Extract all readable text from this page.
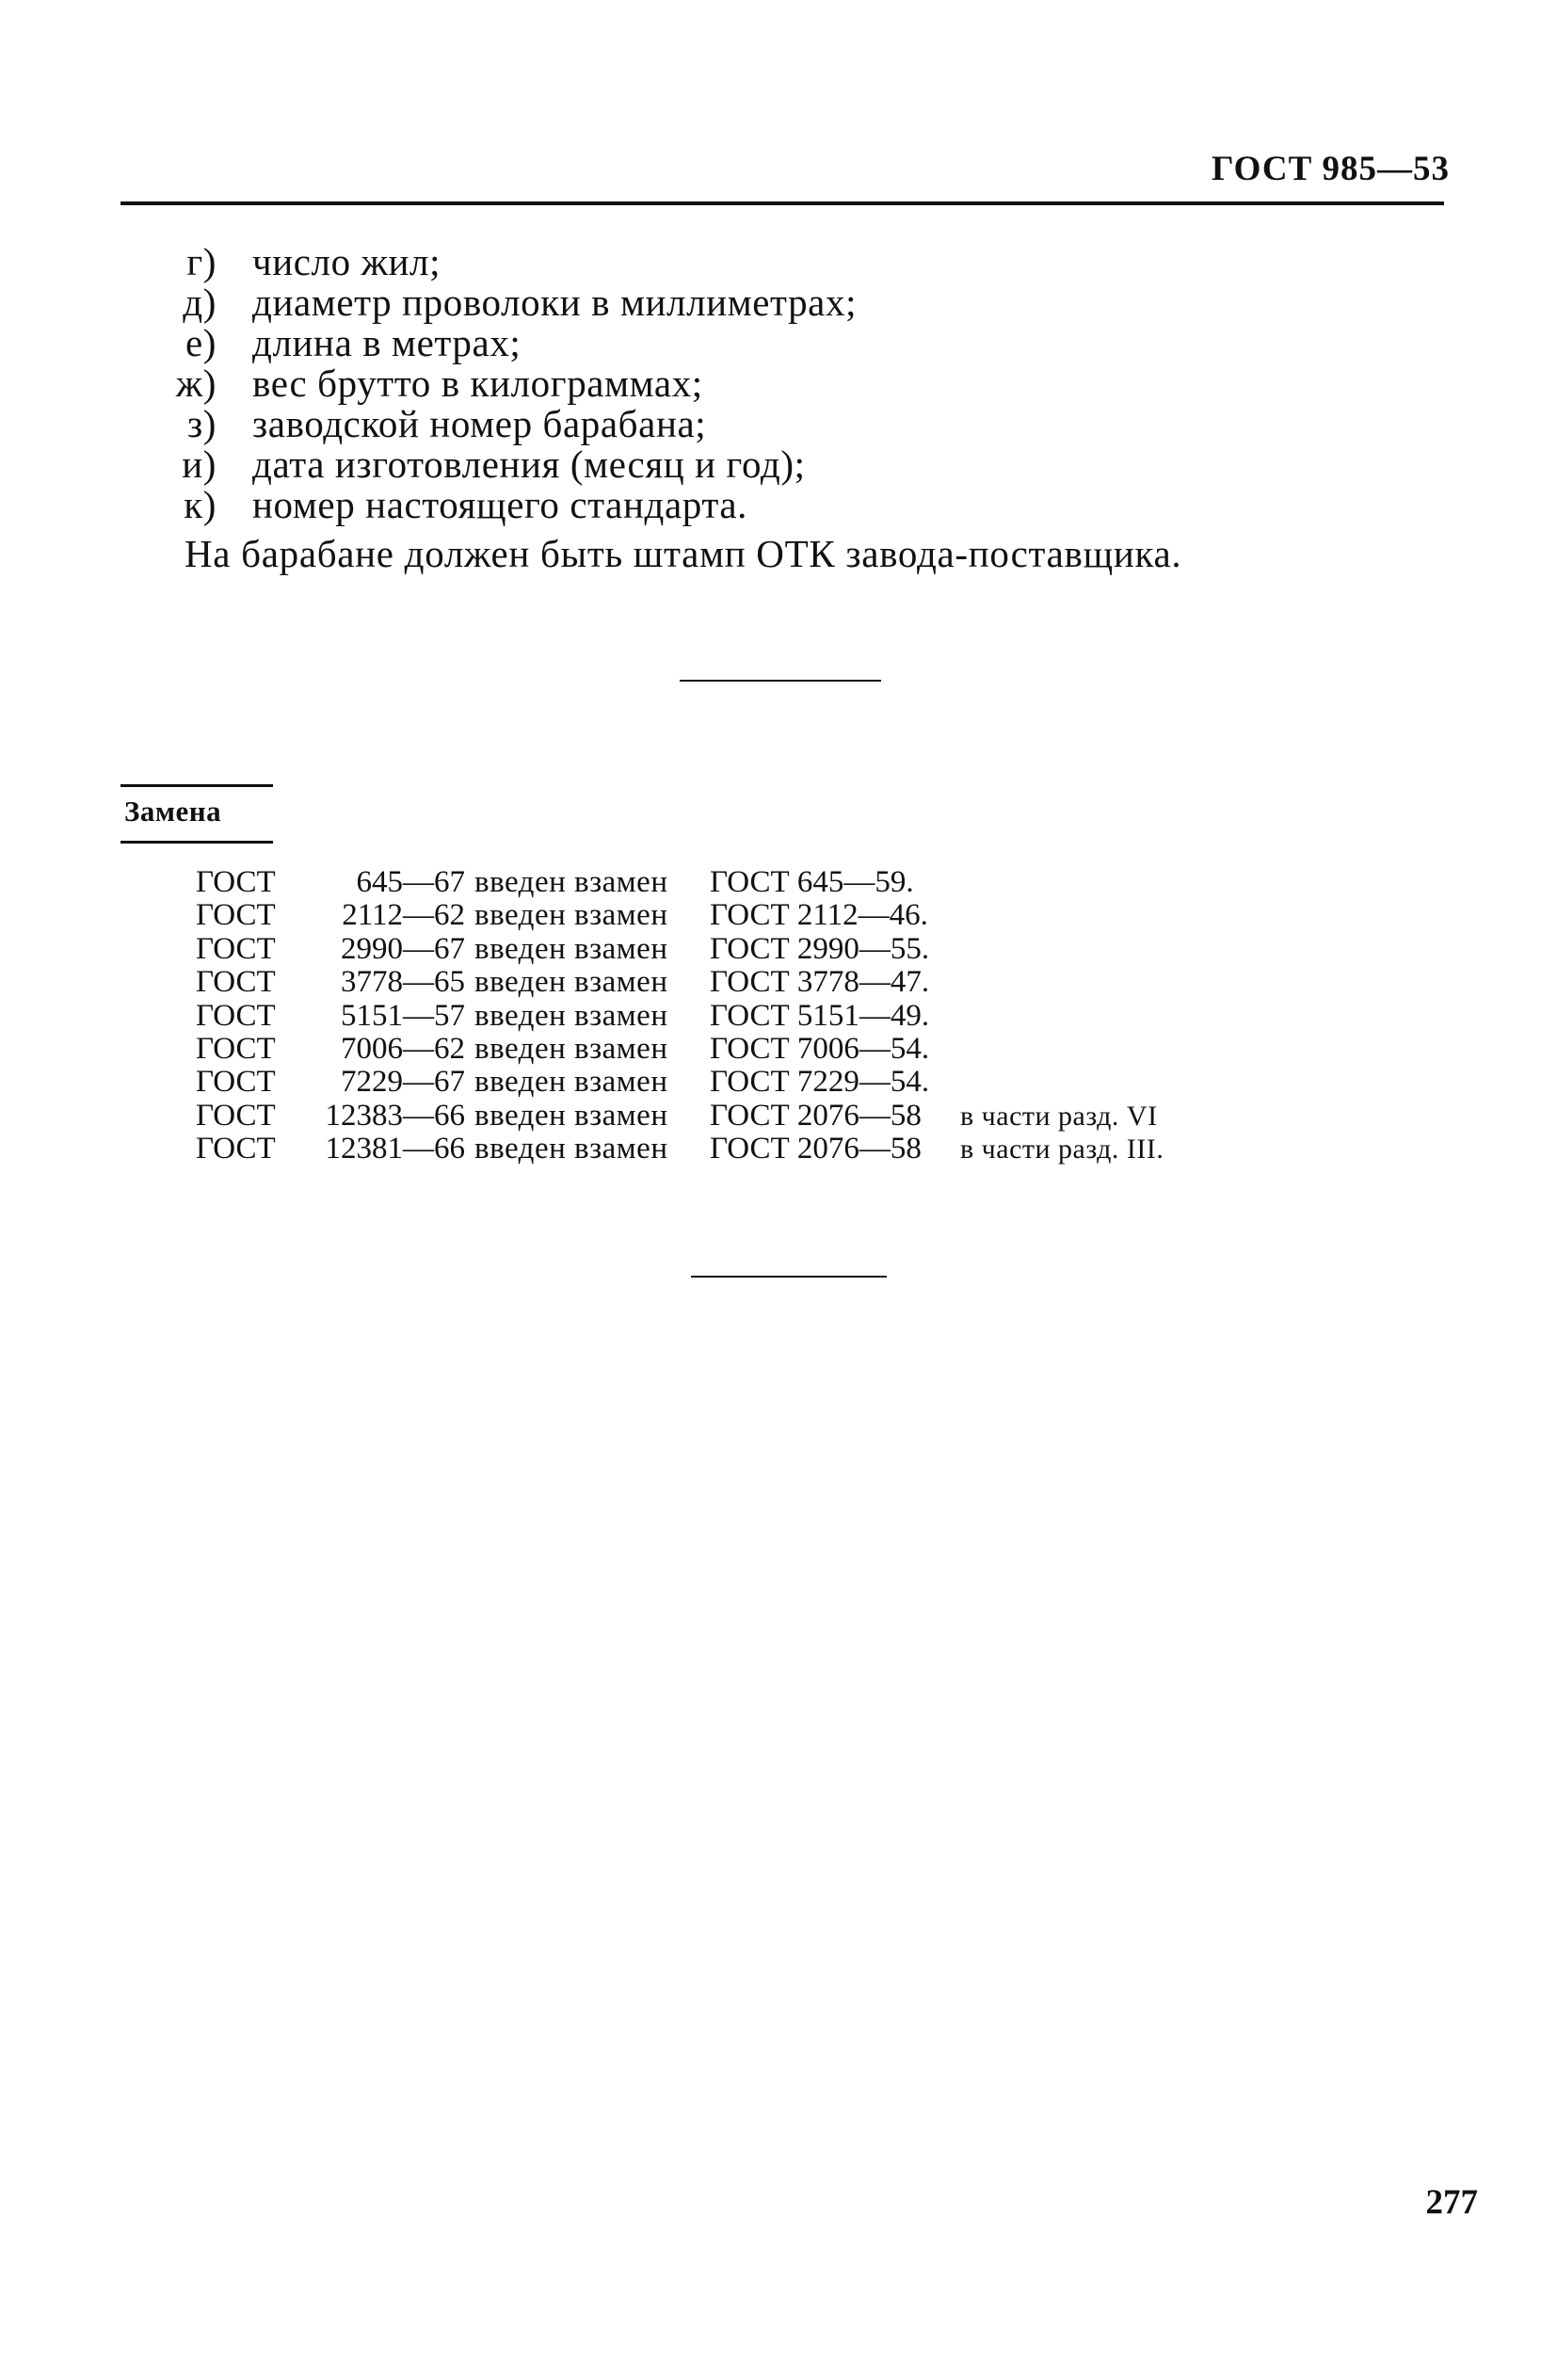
ГОСТ 985—53
г) число жил;
д) диаметр проволоки в миллиметрах;
е) длина в метрах;
ж) вес брутто в килограммах;
з) заводской номер барабана;
и) дата изготовления (месяц и год);
к) номер настоящего стандарта.
На барабане должен быть штамп ОТК завода-поставщика.
Замена
ГОСТ	645—67 введен взамен ГОСТ 645—59.
ГОСТ	2112—62 введен взамен ГОСТ 2112—46.
ГОСТ	2990—67 введен взамен ГОСТ 2990—55.
ГОСТ	3778—65 введен взамен ГОСТ 3778—47.
ГОСТ	5151—57 введен взамен ГОСТ 5151—49.
ГОСТ	7006—62 введен взамен ГОСТ 7006—54.
ГОСТ	7229—67 введен взамен ГОСТ 7229—54.
ГОСТ	12383—66 введен взамен ГОСТ 2076—58 в части разд. VI
ГОСТ	12381—66 введен взамен ГОСТ 2076—58 в части разд. III.
277
